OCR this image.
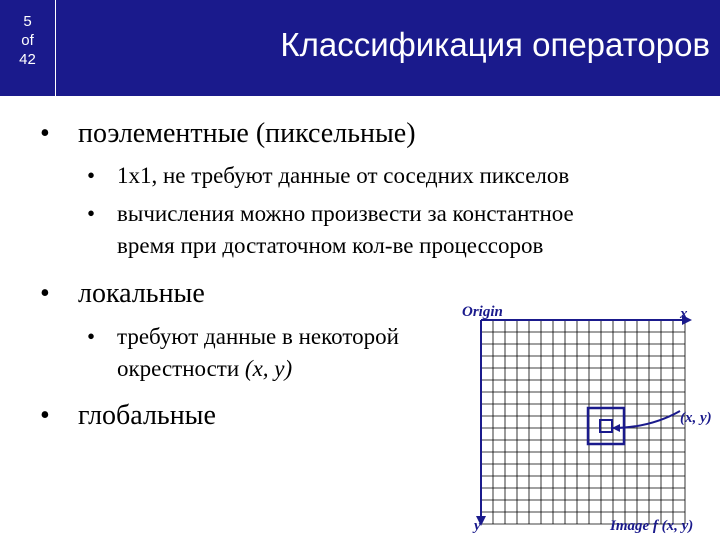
5
of
42	Классификация операторов
• поэлементные (пиксельные)
• 1x1, не требуют данные от соседних пикселов
• вычисления можно произвести за константное
время при достаточном кол-ве процессоров
• локальные
• требуют данные в некоторой
окрестности (x, y)
• глобальные
Origin	x
y
(x, y)
Image f (x, y)
